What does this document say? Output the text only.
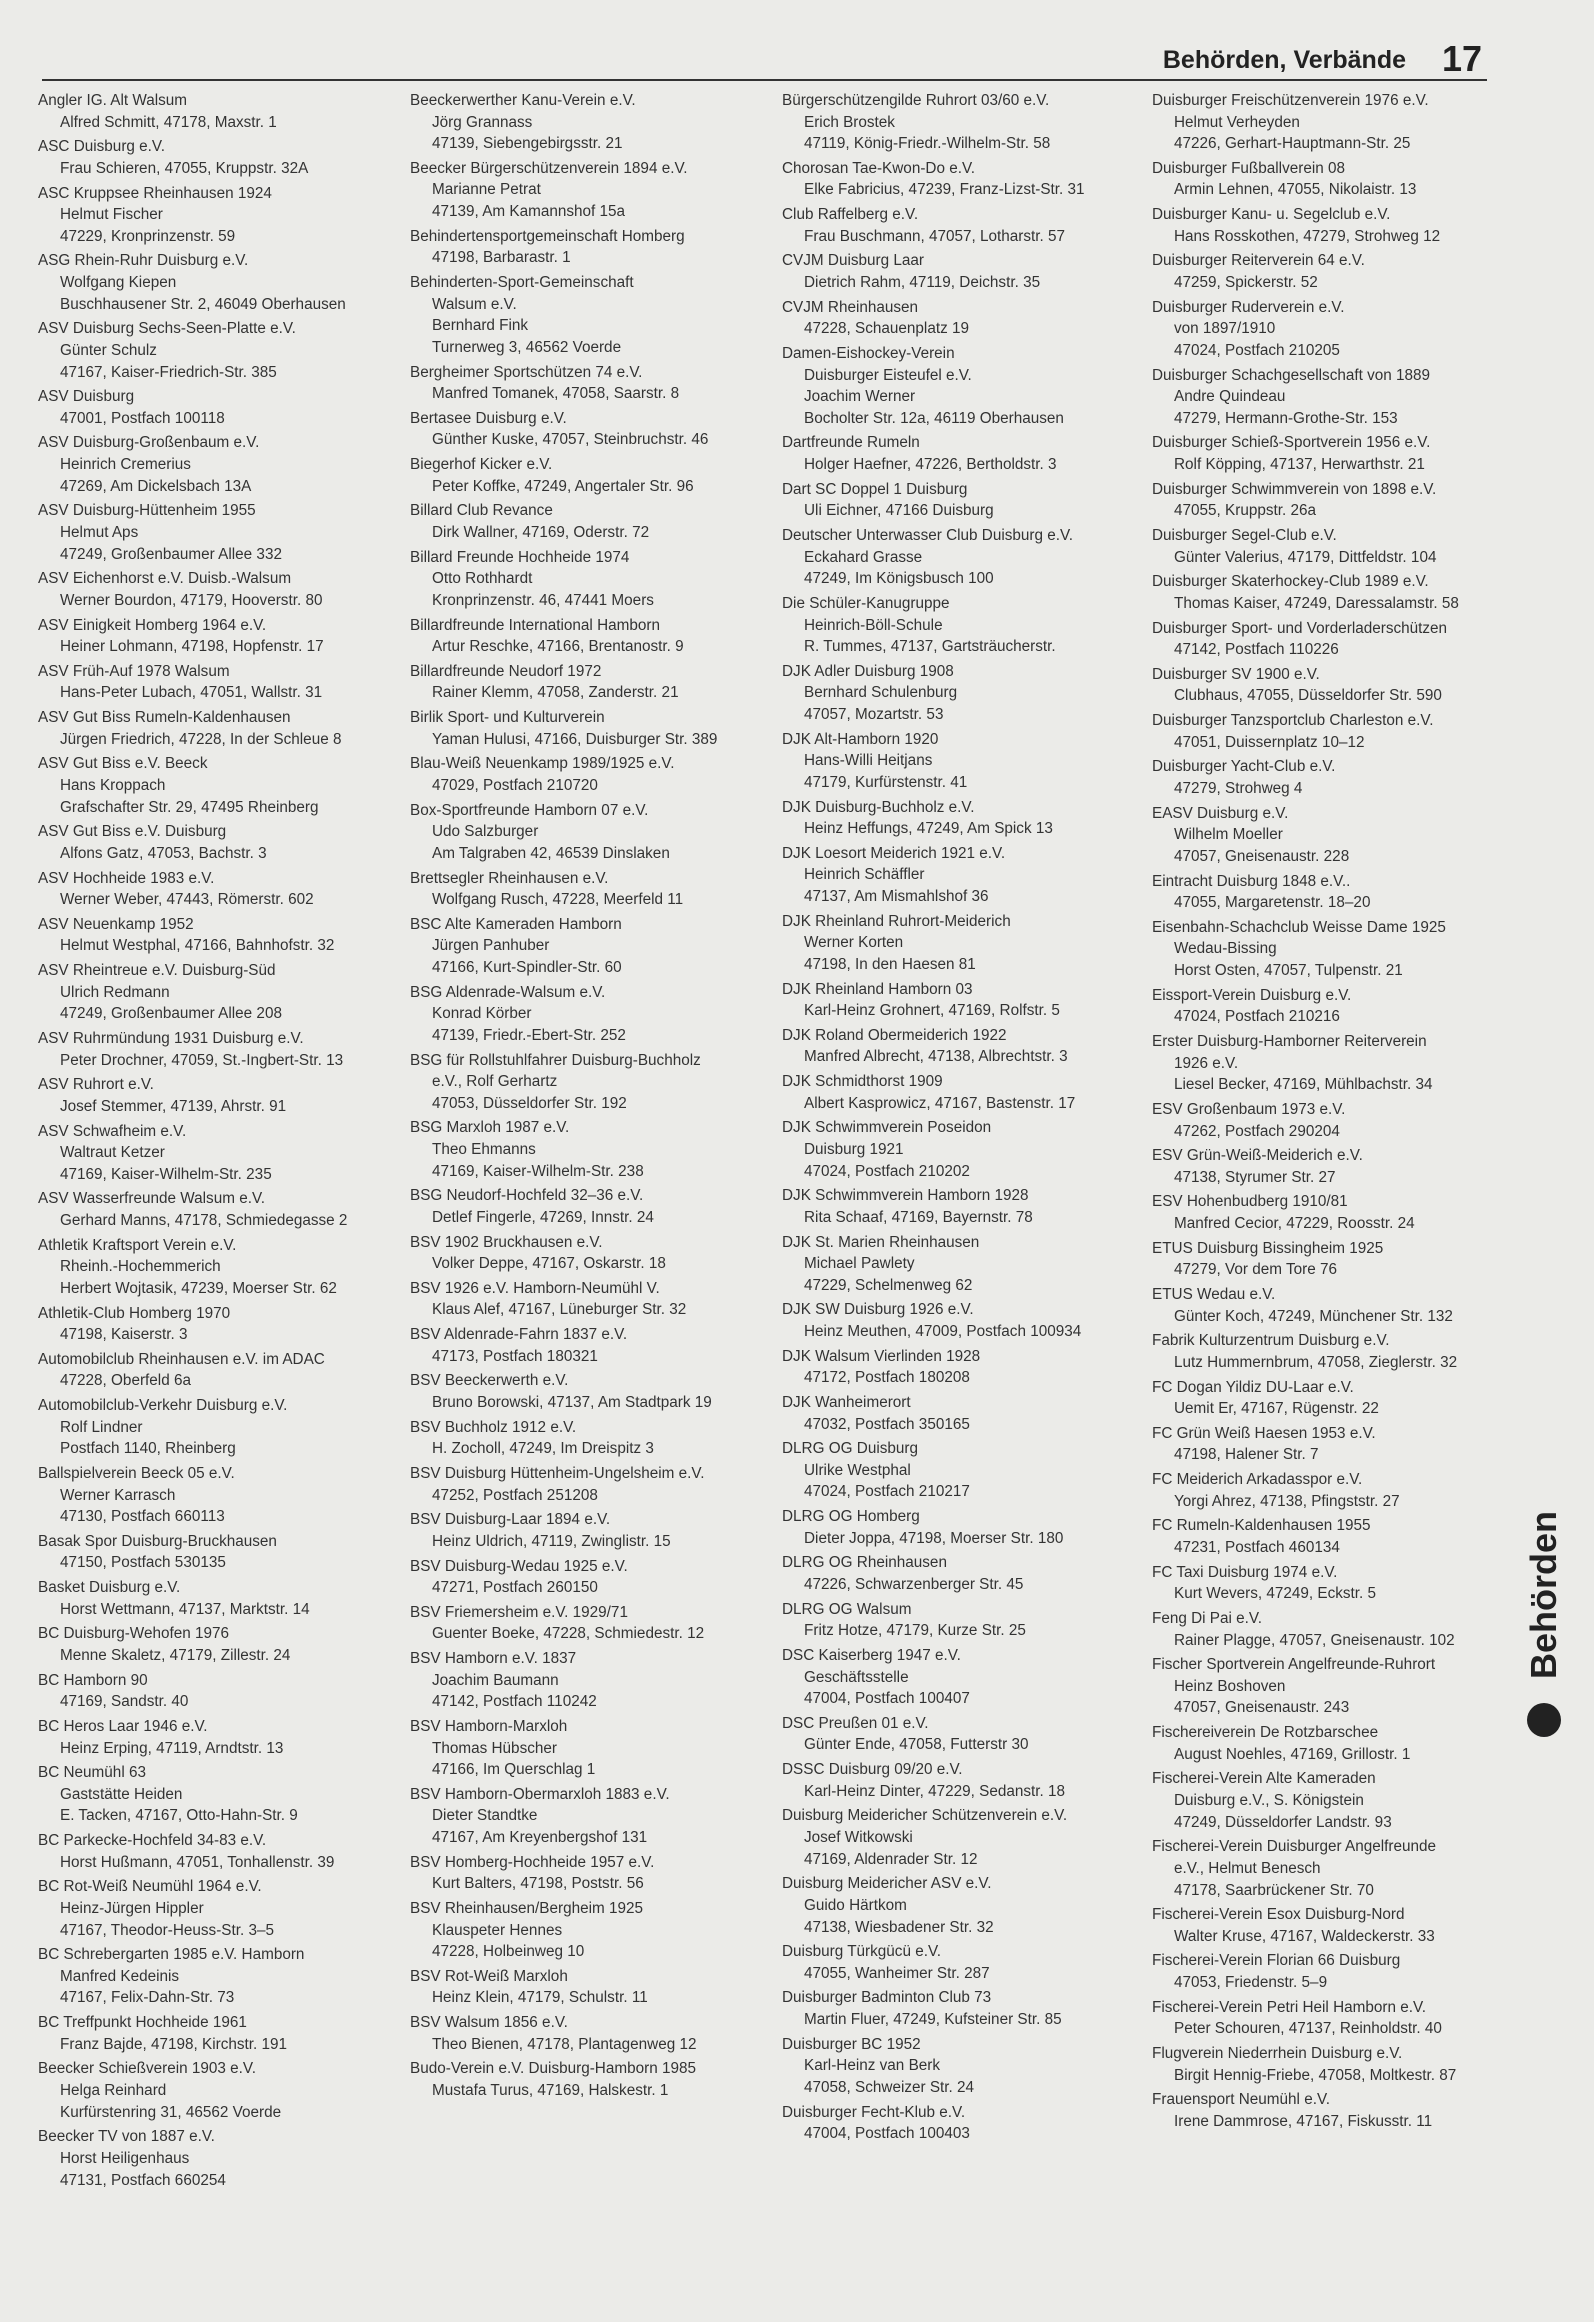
Behörden, Verbände 17
Angler IG. Alt Walsum
Alfred Schmitt, 47178, Maxstr. 1
ASC Duisburg e.V.
Frau Schieren, 47055, Kruppstr. 32A
ASC Kruppsee Rheinhausen 1924
Helmut Fischer
47229, Kronprinzenstr. 59
ASG Rhein-Ruhr Duisburg e.V.
Wolfgang Kiepen
Buschhausener Str. 2, 46049 Oberhausen
ASV Duisburg Sechs-Seen-Platte e.V.
Günter Schulz
47167, Kaiser-Friedrich-Str. 385
ASV Duisburg
47001, Postfach 100118
ASV Duisburg-Großenbaum e.V.
Heinrich Cremerius
47269, Am Dickelsbach 13A
ASV Duisburg-Hüttenheim 1955
Helmut Aps
47249, Großenbaumer Allee 332
ASV Eichenhorst e.V. Duisb.-Walsum
Werner Bourdon, 47179, Hooverstr. 80
ASV Einigkeit Homberg 1964 e.V.
Heiner Lohmann, 47198, Hopfenstr. 17
ASV Früh-Auf 1978 Walsum
Hans-Peter Lubach, 47051, Wallstr. 31
ASV Gut Biss Rumeln-Kaldenhausen
Jürgen Friedrich, 47228, In der Schleue 8
ASV Gut Biss e.V. Beeck
Hans Kroppach
Grafschafter Str. 29, 47495 Rheinberg
ASV Gut Biss e.V. Duisburg
Alfons Gatz, 47053, Bachstr. 3
ASV Hochheide 1983 e.V.
Werner Weber, 47443, Römerstr. 602
ASV Neuenkamp 1952
Helmut Westphal, 47166, Bahnhofstr. 32
ASV Rheintreue e.V. Duisburg-Süd
Ulrich Redmann
47249, Großenbaumer Allee 208
ASV Ruhrmündung 1931 Duisburg e.V.
Peter Drochner, 47059, St.-Ingbert-Str. 13
ASV Ruhrort e.V.
Josef Stemmer, 47139, Ahrstr. 91
ASV Schwafheim e.V.
Waltraut Ketzer
47169, Kaiser-Wilhelm-Str. 235
ASV Wasserfreunde Walsum e.V.
Gerhard Manns, 47178, Schmiedegasse 2
Athletik Kraftsport Verein e.V.
Rheinh.-Hochemmerich
Herbert Wojtasik, 47239, Moerser Str. 62
Athletik-Club Homberg 1970
47198, Kaiserstr. 3
Automobilclub Rheinhausen e.V. im ADAC
47228, Oberfeld 6a
Automobilclub-Verkehr Duisburg e.V.
Rolf Lindner
Postfach 1140, Rheinberg
Ballspielverein Beeck 05 e.V.
Werner Karrasch
47130, Postfach 660113
Basak Spor Duisburg-Bruckhausen
47150, Postfach 530135
Basket Duisburg e.V.
Horst Wettmann, 47137, Marktstr. 14
BC Duisburg-Wehofen 1976
Menne Skaletz, 47179, Zillestr. 24
BC Hamborn 90
47169, Sandstr. 40
BC Heros Laar 1946 e.V.
Heinz Erping, 47119, Arndtstr. 13
BC Neumühl 63
Gaststätte Heiden
E. Tacken, 47167, Otto-Hahn-Str. 9
BC Parkecke-Hochfeld 34-83 e.V.
Horst Hußmann, 47051, Tonhallenstr. 39
BC Rot-Weiß Neumühl 1964 e.V.
Heinz-Jürgen Hippler
47167, Theodor-Heuss-Str. 3–5
BC Schrebergarten 1985 e.V. Hamborn
Manfred Kedeinis
47167, Felix-Dahn-Str. 73
BC Treffpunkt Hochheide 1961
Franz Bajde, 47198, Kirchstr. 191
Beecker Schießverein 1903 e.V.
Helga Reinhard
Kurfürstenring 31, 46562 Voerde
Beecker TV von 1887 e.V.
Horst Heiligenhaus
47131, Postfach 660254
Beeckerwerther Kanu-Verein e.V.
Jörg Grannass
47139, Siebengebirgsstr. 21
Beecker Bürgerschützenverein 1894 e.V.
Marianne Petrat
47139, Am Kamannshof 15a
Behindertensportgemeinschaft Homberg
47198, Barbarastr. 1
Behinderten-Sport-Gemeinschaft
Walsum e.V.
Bernhard Fink
Turnerweg 3, 46562 Voerde
Bergheimer Sportschützen 74 e.V.
Manfred Tomanek, 47058, Saarstr. 8
Bertasee Duisburg e.V.
Günther Kuske, 47057, Steinbruchstr. 46
Biegerhof Kicker e.V.
Peter Koffke, 47249, Angertaler Str. 96
Billard Club Revance
Dirk Wallner, 47169, Oderstr. 72
Billard Freunde Hochheide 1974
Otto Rothhardt
Kronprinzenstr. 46, 47441 Moers
Billardfreunde International Hamborn
Artur Reschke, 47166, Brentanostr. 9
Billardfreunde Neudorf 1972
Rainer Klemm, 47058, Zanderstr. 21
Birlik Sport- und Kulturverein
Yaman Hulusi, 47166, Duisburger Str. 389
Blau-Weiß Neuenkamp 1989/1925 e.V.
47029, Postfach 210720
Box-Sportfreunde Hamborn 07 e.V.
Udo Salzburger
Am Talgraben 42, 46539 Dinslaken
Brettsegler Rheinhausen e.V.
Wolfgang Rusch, 47228, Meerfeld 11
BSC Alte Kameraden Hamborn
Jürgen Panhuber
47166, Kurt-Spindler-Str. 60
BSG Aldenrade-Walsum e.V.
Konrad Körber
47139, Friedr.-Ebert-Str. 252
BSG für Rollstuhlfahrer Duisburg-Buchholz
e.V., Rolf Gerhartz
47053, Düsseldorfer Str. 192
BSG Marxloh 1987 e.V.
Theo Ehmanns
47169, Kaiser-Wilhelm-Str. 238
BSG Neudorf-Hochfeld 32–36 e.V.
Detlef Fingerle, 47269, Innstr. 24
BSV 1902 Bruckhausen e.V.
Volker Deppe, 47167, Oskarstr. 18
BSV 1926 e.V. Hamborn-Neumühl V.
Klaus Alef, 47167, Lüneburger Str. 32
BSV Aldenrade-Fahrn 1837 e.V.
47173, Postfach 180321
BSV Beeckerwerth e.V.
Bruno Borowski, 47137, Am Stadtpark 19
BSV Buchholz 1912 e.V.
H. Zocholl, 47249, Im Dreispitz 3
BSV Duisburg Hüttenheim-Ungelsheim e.V.
47252, Postfach 251208
BSV Duisburg-Laar 1894 e.V.
Heinz Uldrich, 47119, Zwinglistr. 15
BSV Duisburg-Wedau 1925 e.V.
47271, Postfach 260150
BSV Friemersheim e.V. 1929/71
Guenter Boeke, 47228, Schmiedestr. 12
BSV Hamborn e.V. 1837
Joachim Baumann
47142, Postfach 110242
BSV Hamborn-Marxloh
Thomas Hübscher
47166, Im Querschlag 1
BSV Hamborn-Obermarxloh 1883 e.V.
Dieter Standtke
47167, Am Kreyenbergshof 131
BSV Homberg-Hochheide 1957 e.V.
Kurt Balters, 47198, Poststr. 56
BSV Rheinhausen/Bergheim 1925
Klauspeter Hennes
47228, Holbeinweg 10
BSV Rot-Weiß Marxloh
Heinz Klein, 47179, Schulstr. 11
BSV Walsum 1856 e.V.
Theo Bienen, 47178, Plantagenweg 12
Budo-Verein e.V. Duisburg-Hamborn 1985
Mustafa Turus, 47169, Halskestr. 1
Bürgerschützengilde Ruhrort 03/60 e.V.
Erich Brostek
47119, König-Friedr.-Wilhelm-Str. 58
Chorosan Tae-Kwon-Do e.V.
Elke Fabricius, 47239, Franz-Lizst-Str. 31
Club Raffelberg e.V.
Frau Buschmann, 47057, Lotharstr. 57
CVJM Duisburg Laar
Dietrich Rahm, 47119, Deichstr. 35
CVJM Rheinhausen
47228, Schauenplatz 19
Damen-Eishockey-Verein
Duisburger Eisteufel e.V.
Joachim Werner
Bocholter Str. 12a, 46119 Oberhausen
Dartfreunde Rumeln
Holger Haefner, 47226, Bertholdstr. 3
Dart SC Doppel 1 Duisburg
Uli Eichner, 47166 Duisburg
Deutscher Unterwasser Club Duisburg e.V.
Eckahard Grasse
47249, Im Königsbusch 100
Die Schüler-Kanugruppe
Heinrich-Böll-Schule
R. Tummes, 47137, Gartsträucherstr.
DJK Adler Duisburg 1908
Bernhard Schulenburg
47057, Mozartstr. 53
DJK Alt-Hamborn 1920
Hans-Willi Heitjans
47179, Kurfürstenstr. 41
DJK Duisburg-Buchholz e.V.
Heinz Heffungs, 47249, Am Spick 13
DJK Loesort Meiderich 1921 e.V.
Heinrich Schäffler
47137, Am Mismahlshof 36
DJK Rheinland Ruhrort-Meiderich
Werner Korten
47198, In den Haesen 81
DJK Rheinland Hamborn 03
Karl-Heinz Grohnert, 47169, Rolfstr. 5
DJK Roland Obermeiderich 1922
Manfred Albrecht, 47138, Albrechtstr. 3
DJK Schmidthorst 1909
Albert Kasprowicz, 47167, Bastenstr. 17
DJK Schwimmverein Poseidon
Duisburg 1921
47024, Postfach 210202
DJK Schwimmverein Hamborn 1928
Rita Schaaf, 47169, Bayernstr. 78
DJK St. Marien Rheinhausen
Michael Pawlety
47229, Schelmenweg 62
DJK SW Duisburg 1926 e.V.
Heinz Meuthen, 47009, Postfach 100934
DJK Walsum Vierlinden 1928
47172, Postfach 180208
DJK Wanheimerort
47032, Postfach 350165
DLRG OG Duisburg
Ulrike Westphal
47024, Postfach 210217
DLRG OG Homberg
Dieter Joppa, 47198, Moerser Str. 180
DLRG OG Rheinhausen
47226, Schwarzenberger Str. 45
DLRG OG Walsum
Fritz Hotze, 47179, Kurze Str. 25
DSC Kaiserberg 1947 e.V.
Geschäftsstelle
47004, Postfach 100407
DSC Preußen 01 e.V.
Günter Ende, 47058, Futterstr 30
DSSC Duisburg 09/20 e.V.
Karl-Heinz Dinter, 47229, Sedanstr. 18
Duisburg Meidericher Schützenverein e.V.
Josef Witkowski
47169, Aldenrader Str. 12
Duisburg Meidericher ASV e.V.
Guido Härtkom
47138, Wiesbadener Str. 32
Duisburg Türkgücü e.V.
47055, Wanheimer Str. 287
Duisburger Badminton Club 73
Martin Fluer, 47249, Kufsteiner Str. 85
Duisburger BC 1952
Karl-Heinz van Berk
47058, Schweizer Str. 24
Duisburger Fecht-Klub e.V.
47004, Postfach 100403
Duisburger Freischützenverein 1976 e.V.
Helmut Verheyden
47226, Gerhart-Hauptmann-Str. 25
Duisburger Fußballverein 08
Armin Lehnen, 47055, Nikolaistr. 13
Duisburger Kanu- u. Segelclub e.V.
Hans Rosskothen, 47279, Strohweg 12
Duisburger Reiterverein 64 e.V.
47259, Spickerstr. 52
Duisburger Ruderverein e.V.
von 1897/1910
47024, Postfach 210205
Duisburger Schachgesellschaft von 1889
Andre Quindeau
47279, Hermann-Grothe-Str. 153
Duisburger Schieß-Sportverein 1956 e.V.
Rolf Köpping, 47137, Herwarthstr. 21
Duisburger Schwimmverein von 1898 e.V.
47055, Kruppstr. 26a
Duisburger Segel-Club e.V.
Günter Valerius, 47179, Dittfeldstr. 104
Duisburger Skaterhockey-Club 1989 e.V.
Thomas Kaiser, 47249, Daressalamstr. 58
Duisburger Sport- und Vorderladerschützen
47142, Postfach 110226
Duisburger SV 1900 e.V.
Clubhaus, 47055, Düsseldorfer Str. 590
Duisburger Tanzsportclub Charleston e.V.
47051, Duissernplatz 10–12
Duisburger Yacht-Club e.V.
47279, Strohweg 4
EASV Duisburg e.V.
Wilhelm Moeller
47057, Gneisenaustr. 228
Eintracht Duisburg 1848 e.V..
47055, Margaretenstr. 18–20
Eisenbahn-Schachclub Weisse Dame 1925
Wedau-Bissing
Horst Osten, 47057, Tulpenstr. 21
Eissport-Verein Duisburg e.V.
47024, Postfach 210216
Erster Duisburg-Hamborner Reiterverein
1926 e.V.
Liesel Becker, 47169, Mühlbachstr. 34
ESV Großenbaum 1973 e.V.
47262, Postfach 290204
ESV Grün-Weiß-Meiderich e.V.
47138, Styrumer Str. 27
ESV Hohenbudberg 1910/81
Manfred Cecior, 47229, Roosstr. 24
ETUS Duisburg Bissingheim 1925
47279, Vor dem Tore 76
ETUS Wedau e.V.
Günter Koch, 47249, Münchener Str. 132
Fabrik Kulturzentrum Duisburg e.V.
Lutz Hummernbrum, 47058, Zieglerstr. 32
FC Dogan Yildiz DU-Laar e.V.
Uemit Er, 47167, Rügenstr. 22
FC Grün Weiß Haesen 1953 e.V.
47198, Halener Str. 7
FC Meiderich Arkadasspor e.V.
Yorgi Ahrez, 47138, Pfingststr. 27
FC Rumeln-Kaldenhausen 1955
47231, Postfach 460134
FC Taxi Duisburg 1974 e.V.
Kurt Wevers, 47249, Eckstr. 5
Feng Di Pai e.V.
Rainer Plagge, 47057, Gneisenaustr. 102
Fischer Sportverein Angelfreunde-Ruhrort
Heinz Boshoven
47057, Gneisenaustr. 243
Fischereiverein De Rotzbarschee
August Noehles, 47169, Grillostr. 1
Fischerei-Verein Alte Kameraden
Duisburg e.V., S. Königstein
47249, Düsseldorfer Landstr. 93
Fischerei-Verein Duisburger Angelfreunde
e.V., Helmut Benesch
47178, Saarbrückener Str. 70
Fischerei-Verein Esox Duisburg-Nord
Walter Kruse, 47167, Waldeckerstr. 33
Fischerei-Verein Florian 66 Duisburg
47053, Friedenstr. 5–9
Fischerei-Verein Petri Heil Hamborn e.V.
Peter Schouren, 47137, Reinholdstr. 40
Flugverein Niederrhein Duisburg e.V.
Birgit Hennig-Friebe, 47058, Moltkestr. 87
Frauensport Neumühl e.V.
Irene Dammrose, 47167, Fiskusstr. 11
Behörden
